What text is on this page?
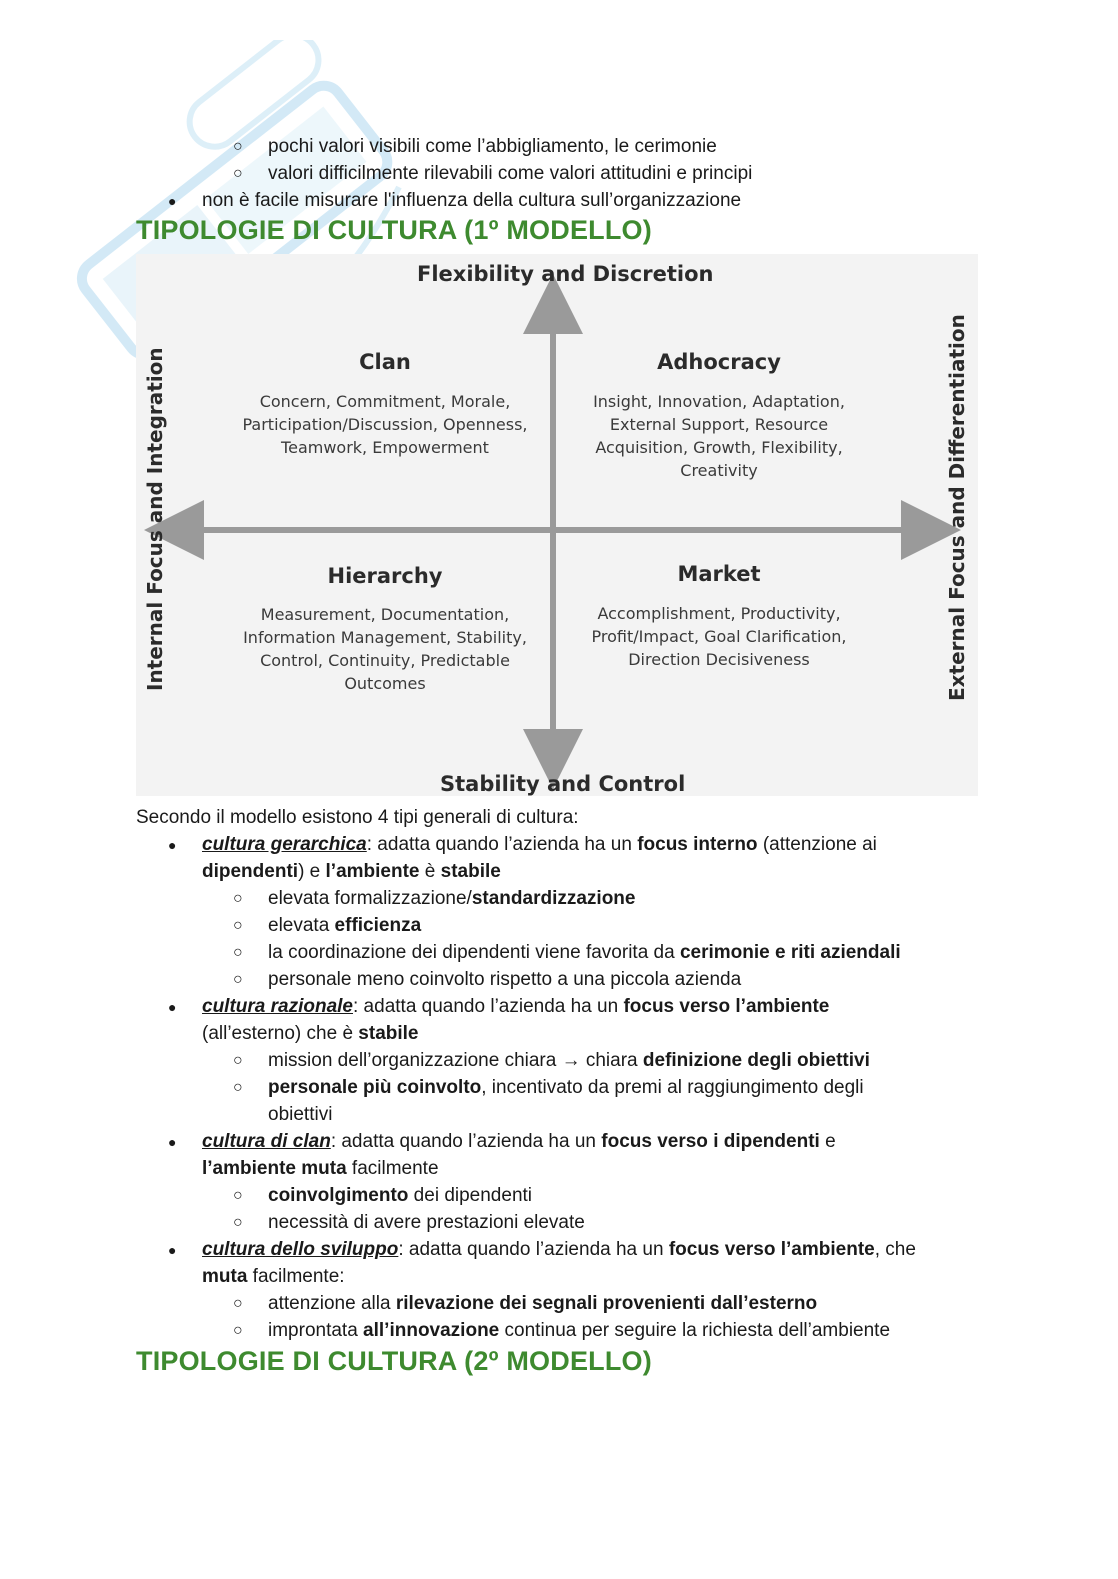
○ pochi valori visibili come l’abbigliamento, le cerimonie
○ valori difficilmente rilevabili come valori attitudini e principi
● non è facile misurare l'influenza della cultura sull’organizzazione
TIPOLOGIE DI CULTURA (1º MODELLO)
Flexibility and Discretion
Stability and Control
Internal Focus and Integration	External Focus and Differentiation
Clan
Concern, Commitment, Morale,
Participation/Discussion, Openness,
Teamwork, Empowerment
Adhocracy
Insight, Innovation, Adaptation,
External Support, Resource
Acquisition, Growth, Flexibility,
Creativity
Hierarchy
Measurement, Documentation,
Information Management, Stability,
Control, Continuity, Predictable
Outcomes
Market
Accomplishment, Productivity,
Profit/Impact, Goal Clarification,
Direction Decisiveness
Secondo il modello esistono 4 tipi generali di cultura:
● cultura gerarchica: adatta quando l’azienda ha un focus interno (attenzione ai
dipendenti) e l’ambiente è stabile
○ elevata formalizzazione/standardizzazione
○ elevata efficienza
○ la coordinazione dei dipendenti viene favorita da cerimonie e riti aziendali
○ personale meno coinvolto rispetto a una piccola azienda
● cultura razionale: adatta quando l’azienda ha un focus verso l’ambiente
(all’esterno) che è stabile
○ mission dell’organizzazione chiara → chiara definizione degli obiettivi
○ personale più coinvolto, incentivato da premi al raggiungimento degli
obiettivi
● cultura di clan: adatta quando l’azienda ha un focus verso i dipendenti e
l’ambiente muta facilmente
○ coinvolgimento dei dipendenti
○ necessità di avere prestazioni elevate
● cultura dello sviluppo: adatta quando l’azienda ha un focus verso l’ambiente, che
muta facilmente:
○ attenzione alla rilevazione dei segnali provenienti dall’esterno
○ improntata all’innovazione continua per seguire la richiesta dell’ambiente
TIPOLOGIE DI CULTURA (2º MODELLO)
